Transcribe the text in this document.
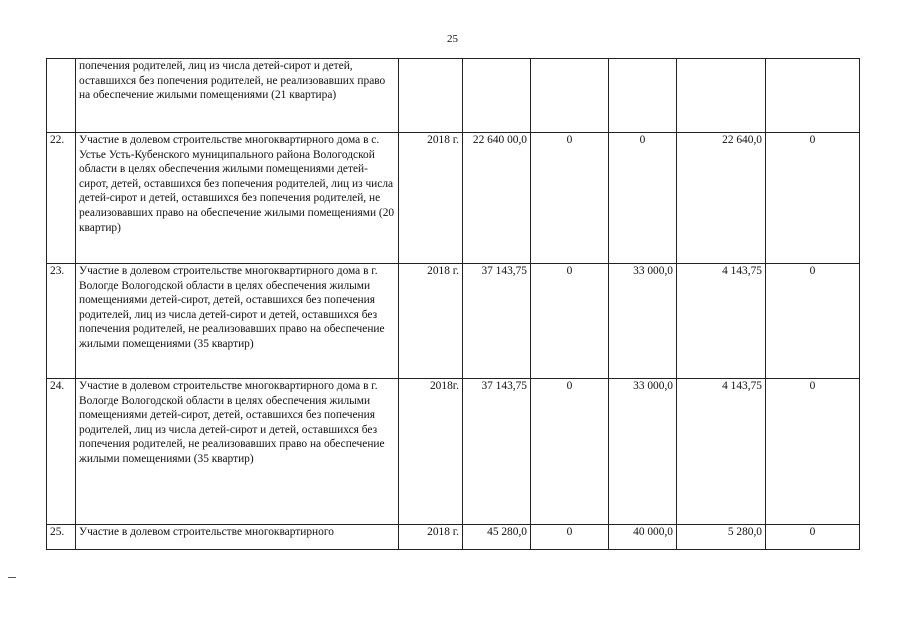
25
	попечения родителей, лиц из числа детей-сирот и детей, оставшихся без попечения родителей, не реализовавших право на обеспечение жилыми помещениями (21 квартира)						
22.	Участие в долевом строительстве многоквартирного дома в с. Устье Усть-Кубенского муниципального района Вологодской области в целях обеспечения жилыми помещениями детей-сирот, детей, оставшихся без попечения родителей, лиц из числа детей-сирот и детей, оставшихся без попечения родителей, не реализовавших право на обеспечение жилыми помещениями (20 квартир)	2018 г.	22 640 00,0	0	0	22 640,0	0
23.	Участие в долевом строительстве многоквартирного дома в г. Вологде Вологодской области в целях обеспечения жилыми помещениями детей-сирот, детей, оставшихся без попечения родителей, лиц из числа детей-сирот и детей, оставшихся без попечения родителей, не реализовавших право на обеспечение жилыми помещениями (35 квартир)	2018 г.	37 143,75	0	33 000,0	4 143,75	0
24.	Участие в долевом строительстве многоквартирного дома в г. Вологде Вологодской области в целях обеспечения жилыми помещениями детей-сирот, детей, оставшихся без попечения родителей, лиц из числа детей-сирот и детей, оставшихся без попечения родителей, не реализовавших право на обеспечение жилыми помещениями (35 квартир)	2018г.	37 143,75	0	33 000,0	4 143,75	0
25.	Участие в долевом строительстве многоквартирного	2018 г.	45 280,0	0	40 000,0	5 280,0	0
